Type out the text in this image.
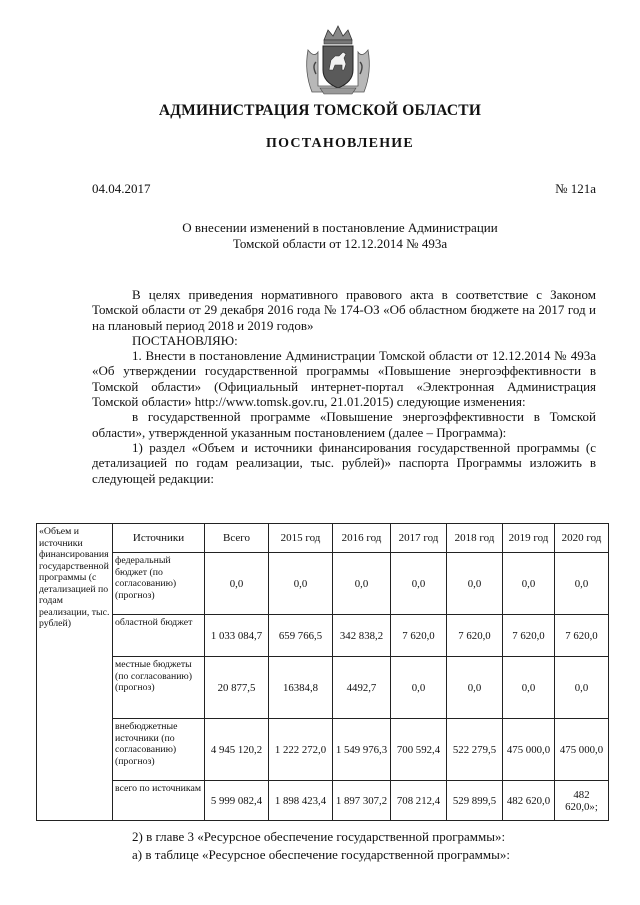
АДМИНИСТРАЦИЯ ТОМСКОЙ ОБЛАСТИ
ПОСТАНОВЛЕНИЕ
04.04.2017	№ 121а
О внесении изменений в постановление Администрации
Томской области от 12.12.2014 № 493а

В целях приведения нормативного правового акта в соответствие с Законом Томской области от 29 декабря 2016 года № 174-ОЗ «Об областном бюджете на 2017 год и на плановый период 2018 и 2019 годов»

ПОСТАНОВЛЯЮ:

1. Внести в постановление Администрации Томской области от 12.12.2014 № 493а «Об утверждении государственной программы «Повышение энергоэффективности в Томской области» (Официальный интернет-портал «Электронная Администрация Томской области» http://www.tomsk.gov.ru, 21.01.2015) следующие изменения:

в государственной программе «Повышение энергоэффективности в Томской области», утвержденной указанным постановлением (далее – Программа):

1) раздел «Объем и источники финансирования государственной программы (с детализацией по годам реализации, тыс. рублей)» паспорта Программы изложить в следующей редакции:

«Объем и источники финансирования государственной программы (с детализацией по годам реализации, тыс. рублей)	Источники	Всего	2015 год	2016 год	2017 год	2018 год	2019 год	2020 год
	федеральный бюджет (по согласованию) (прогноз)	0,0	0,0	0,0	0,0	0,0	0,0	0,0
	областной бюджет	1 033 084,7	659 766,5	342 838,2	7 620,0	7 620,0	7 620,0	7 620,0
	местные бюджеты (по согласованию) (прогноз)	20 877,5	16384,8	4492,7	0,0	0,0	0,0	0,0
	внебюджетные источники (по согласованию) (прогноз)	4 945 120,2	1 222 272,0	1 549 976,3	700 592,4	522 279,5	475 000,0	475 000,0
	всего по источникам	5 999 082,4	1 898 423,4	1 897 307,2	708 212,4	529 899,5	482 620,0	482 620,0»;
2) в главе 3 «Ресурсное обеспечение государственной программы»:
а) в таблице «Ресурсное обеспечение государственной программы»:
